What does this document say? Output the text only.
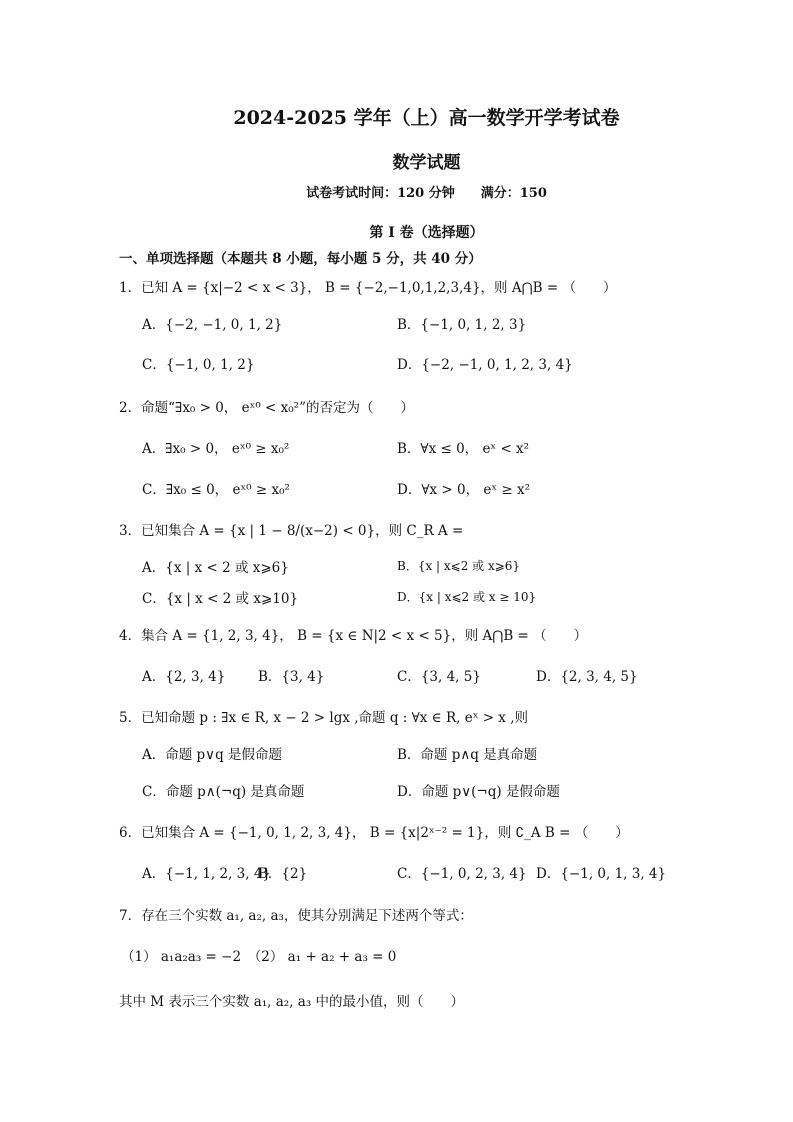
2024-2025 学年（上）高一数学开学考试卷
数学试题
试卷考试时间：120 分钟　　满分：150
第 I 卷（选择题）
一、单项选择题（本题共 8 小题，每小题 5 分，共 40 分）
1．已知 A = {x|−2 < x < 3}， B = {−2,−1,0,1,2,3,4}，则 A⋂B = （　　）
A．{−2, −1, 0, 1, 2}	B．{−1, 0, 1, 2, 3}
C．{−1, 0, 1, 2}	D．{−2, −1, 0, 1, 2, 3, 4}
2．命题“∃x₀ > 0， eˣ⁰ < x₀²”的否定为（　　）
A．∃x₀ > 0， eˣ⁰ ≥ x₀²	B．∀x ≤ 0， eˣ < x²
C．∃x₀ ≤ 0， eˣ⁰ ≥ x₀²	D．∀x > 0， eˣ ≥ x²
3．已知集合 A = {x | 1 − 8/(x−2) < 0}，则 C_R A =
A．{x | x < 2 或 x⩾6}	B．{x | x⩽2 或 x⩾6}
C．{x | x < 2 或 x⩾10}	D．{x | x⩽2 或 x ≥ 10}
4．集合 A = {1, 2, 3, 4}， B = {x ∈ N|2 < x < 5}，则 A⋂B = （　　）
A．{2, 3, 4} B．{3, 4}	C．{3, 4, 5}	D．{2, 3, 4, 5}
5．已知命题 p : ∃x ∈ R, x − 2 > lgx ,命题 q : ∀x ∈ R, eˣ > x ,则
A．命题 p∨q 是假命题	B．命题 p∧q 是真命题
C．命题 p∧(¬q) 是真命题	D．命题 p∨(¬q) 是假命题
6．已知集合 A = {−1, 0, 1, 2, 3, 4}， B = {x|2ˣ⁻² = 1}，则 ∁_A B = （　　）
A．{−1, 1, 2, 3, 4}
B．{2}	C．{−1, 0, 2, 3, 4} D．{−1, 0, 1, 3, 4}
7．存在三个实数 a₁, a₂, a₃，使其分别满足下述两个等式：
（1） a₁a₂a₃ = −2　（2） a₁ + a₂ + a₃ = 0
其中 M 表示三个实数 a₁, a₂, a₃ 中的最小值，则（　　）
